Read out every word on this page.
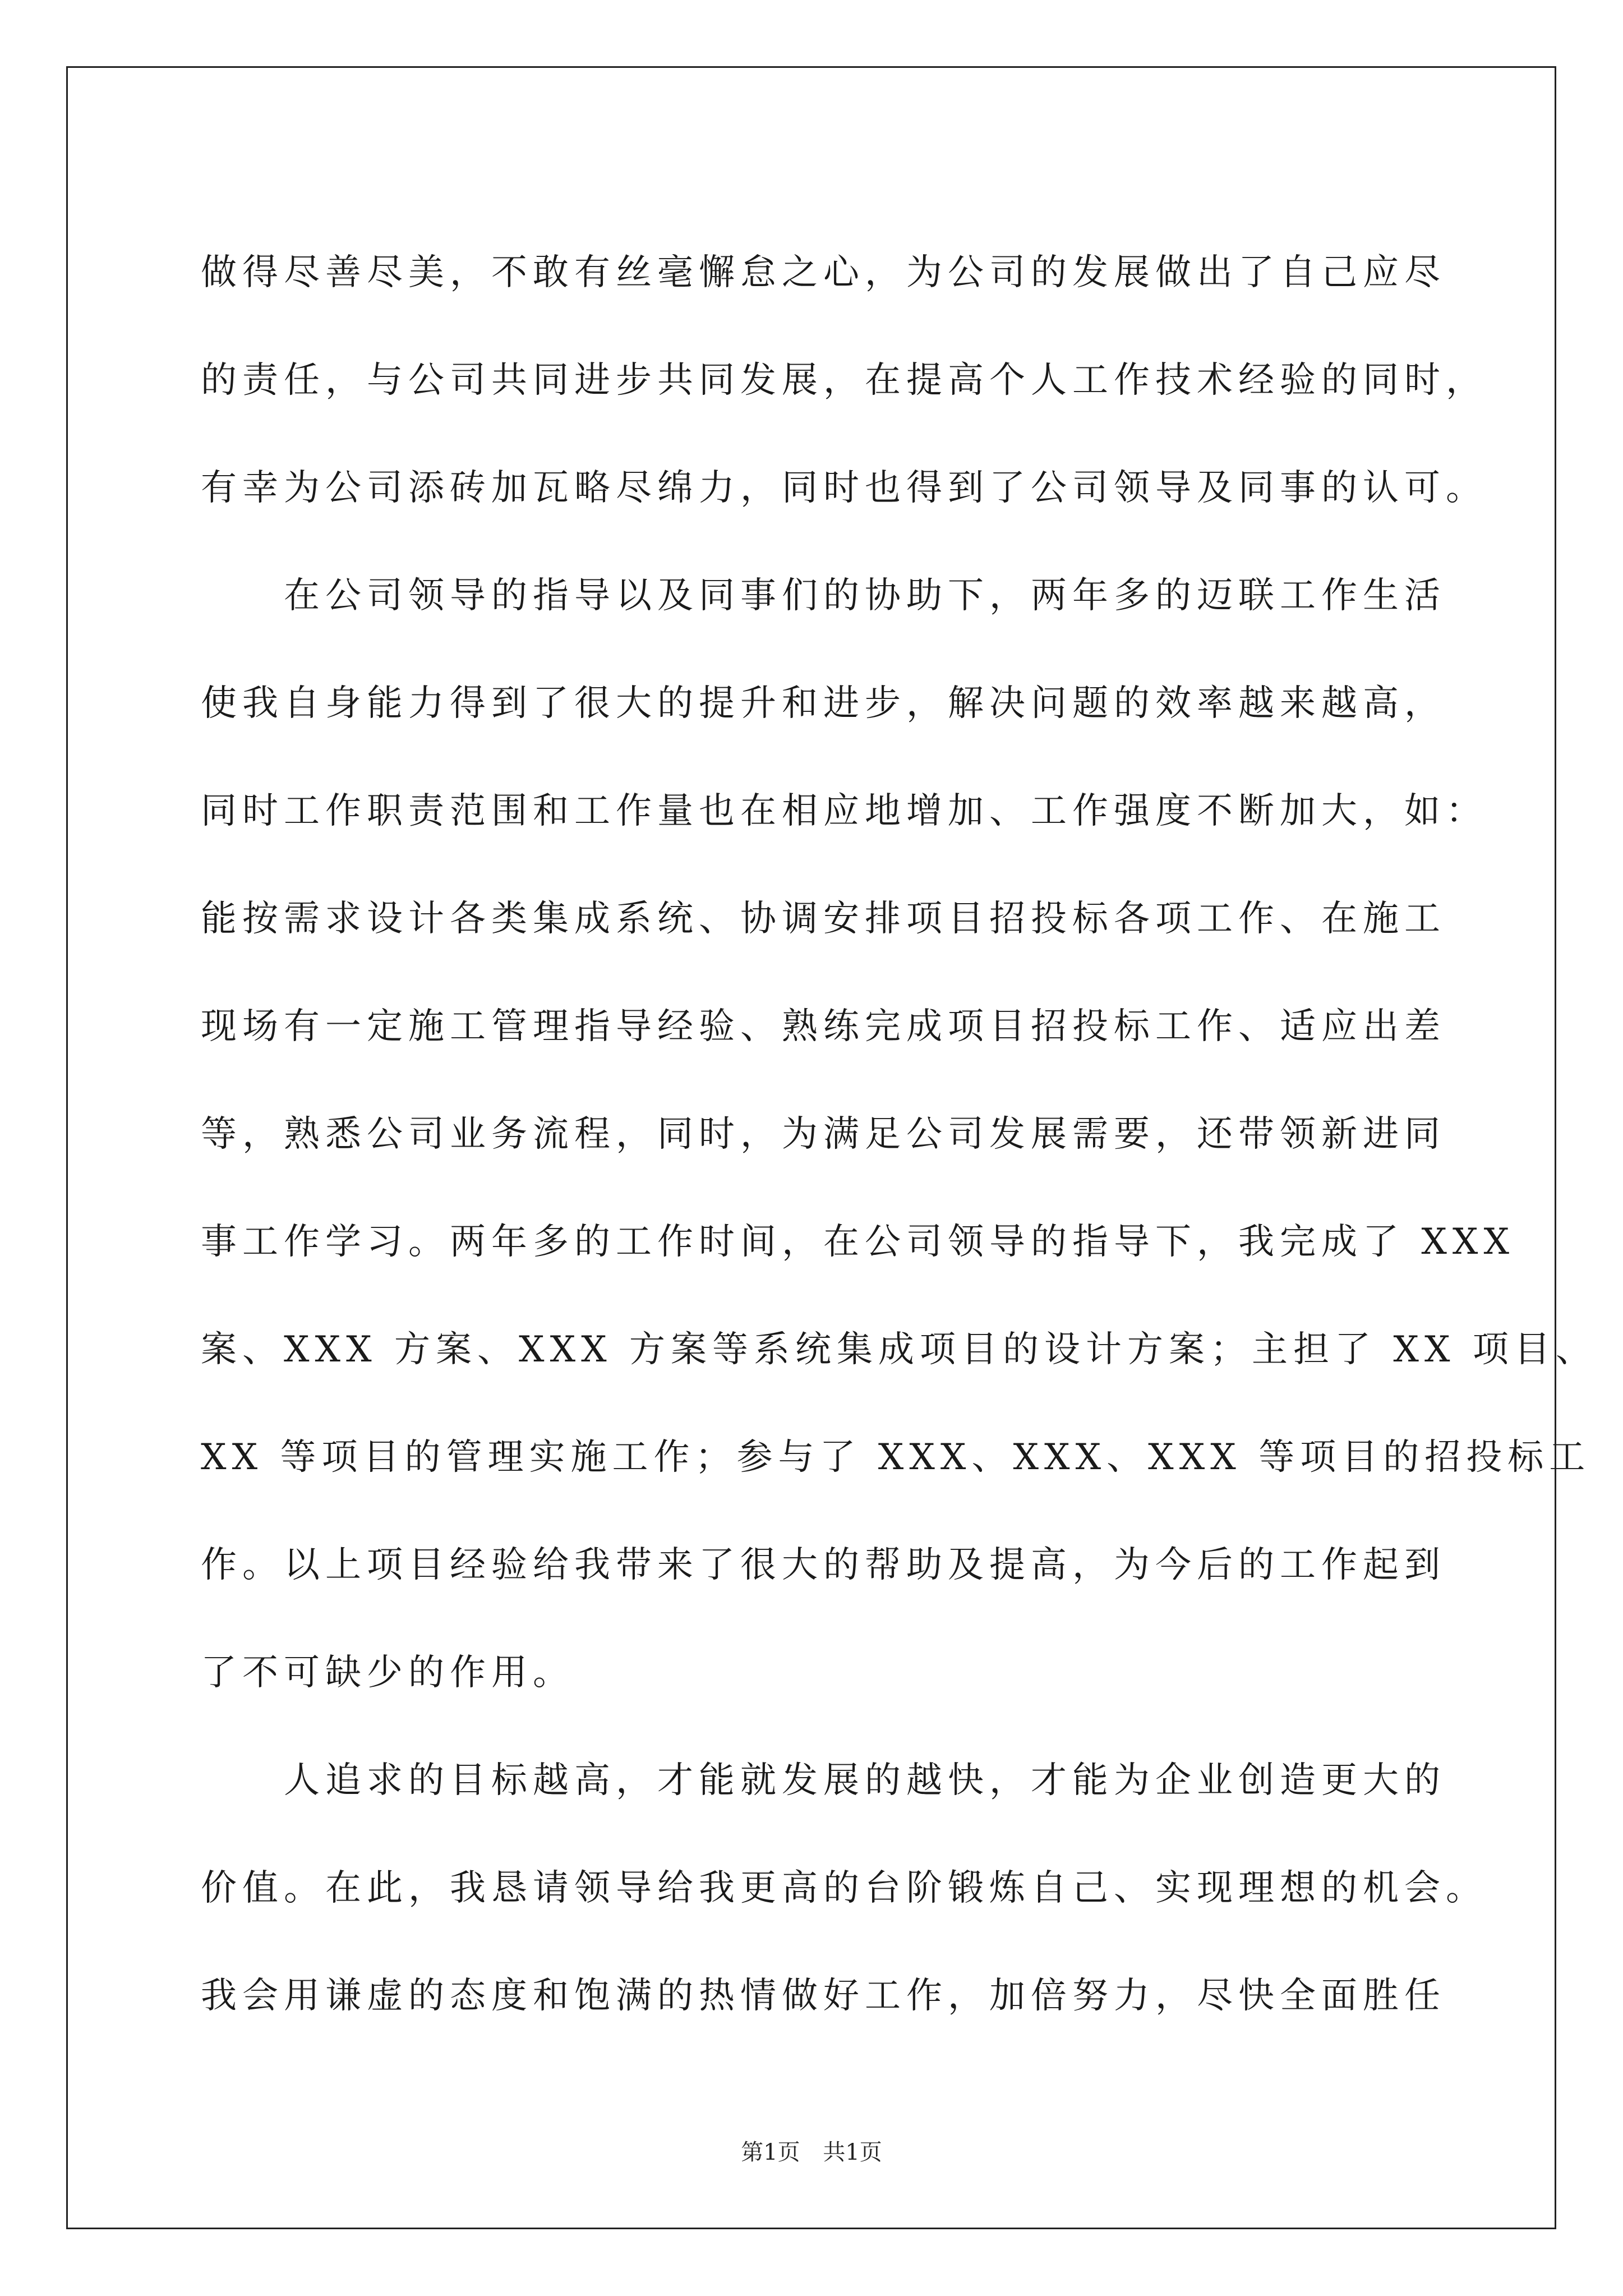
做得尽善尽美，不敢有丝毫懈怠之心，为公司的发展做出了自己应尽
的责任，与公司共同进步共同发展，在提高个人工作技术经验的同时，
有幸为公司添砖加瓦略尽绵力，同时也得到了公司领导及同事的认可。
在公司领导的指导以及同事们的协助下，两年多的迈联工作生活
使我自身能力得到了很大的提升和进步，解决问题的效率越来越高，
同时工作职责范围和工作量也在相应地增加、工作强度不断加大，如：
能按需求设计各类集成系统、协调安排项目招投标各项工作、在施工
现场有一定施工管理指导经验、熟练完成项目招投标工作、适应出差
等，熟悉公司业务流程，同时，为满足公司发展需要，还带领新进同
事工作学习。两年多的工作时间，在公司领导的指导下，我完成了 XXX
案、XXX 方案、XXX 方案等系统集成项目的设计方案；主担了 XX 项目、
XX 等项目的管理实施工作；参与了 XXX、XXX、XXX 等项目的招投标工
作。以上项目经验给我带来了很大的帮助及提高，为今后的工作起到
了不可缺少的作用。
人追求的目标越高，才能就发展的越快，才能为企业创造更大的
价值。在此，我恳请领导给我更高的台阶锻炼自己、实现理想的机会。
我会用谦虚的态度和饱满的热情做好工作，加倍努力，尽快全面胜任
第1页 共1页
